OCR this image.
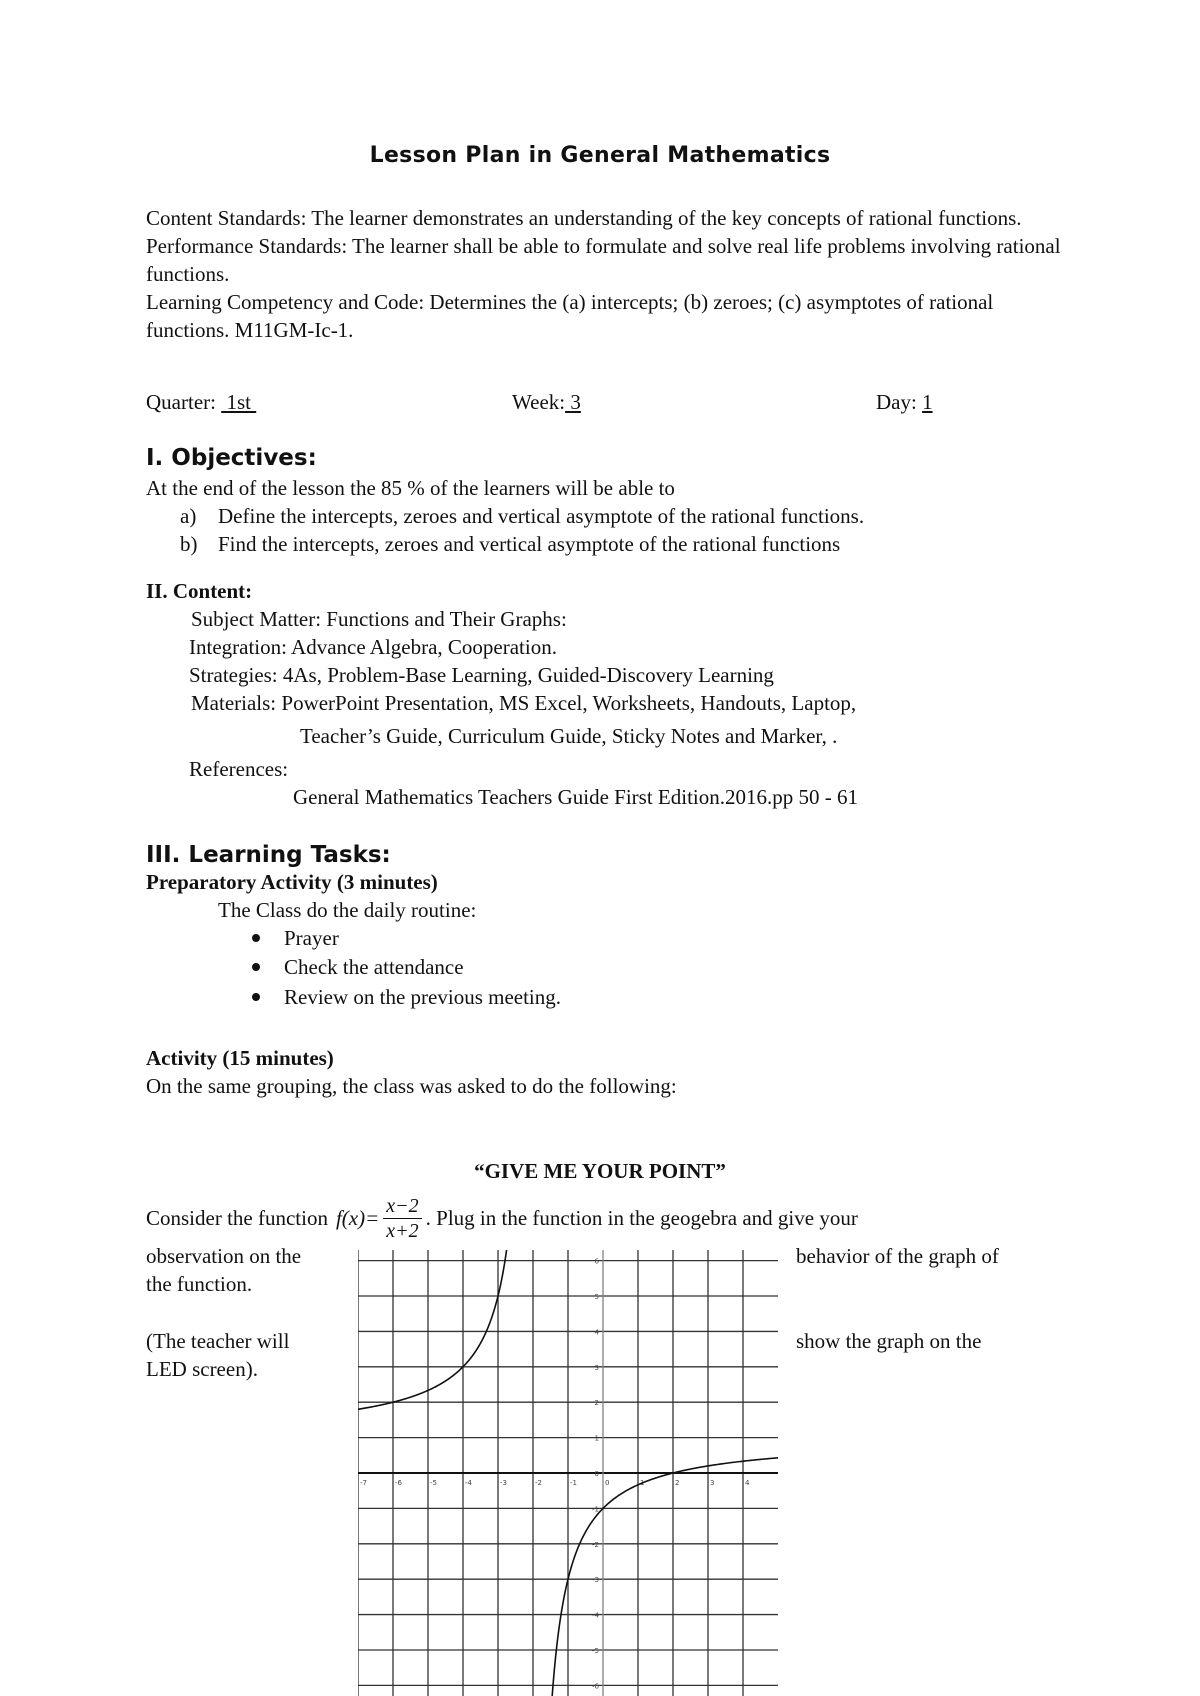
Lesson Plan in General Mathematics

Content Standards: The learner demonstrates an understanding of the key concepts of rational functions.

Performance Standards: The learner shall be able to formulate and solve real life problems involving rational functions.

Learning Competency and Code: Determines the (a) intercepts; (b) zeroes; (c) asymptotes of rational functions. M11GM-Ic-1.

Quarter: 1st	Week: 3	Day: 1
I. Objectives:
At the end of the lesson the 85 % of the learners will be able to
a)	Define the intercepts, zeroes and vertical asymptote of the rational functions.
b) Find the intercepts, zeroes and vertical asymptote of the rational functions
II. Content:
Subject Matter: Functions and Their Graphs:
Integration: Advance Algebra, Cooperation.
Strategies: 4As, Problem-Base Learning, Guided-Discovery Learning
Materials: PowerPoint Presentation, MS Excel, Worksheets, Handouts, Laptop,
Teacher’s Guide, Curriculum Guide, Sticky Notes and Marker, .
References:
General Mathematics Teachers Guide First Edition.2016.pp 50 - 61
III. Learning Tasks:
Preparatory Activity (3 minutes)
The Class do the daily routine:
Prayer
Check the attendance
Review on the previous meeting.
Activity (15 minutes)
On the same grouping, the class was asked to do the following:
“GIVE ME YOUR POINT”
Consider the function $f(x)= \frac{x-2}{x+2}$ . Plug in the function in the geogebra and give your
observation on the
the function.
behavior of the graph of
(The teacher will
LED screen).
show the graph on the
-7	-6	-5	-4	-3	-2	-1	0	1	2	3	4
6
5
4
3
2
1
0
-1
-2
-3
-4
-5
-6
